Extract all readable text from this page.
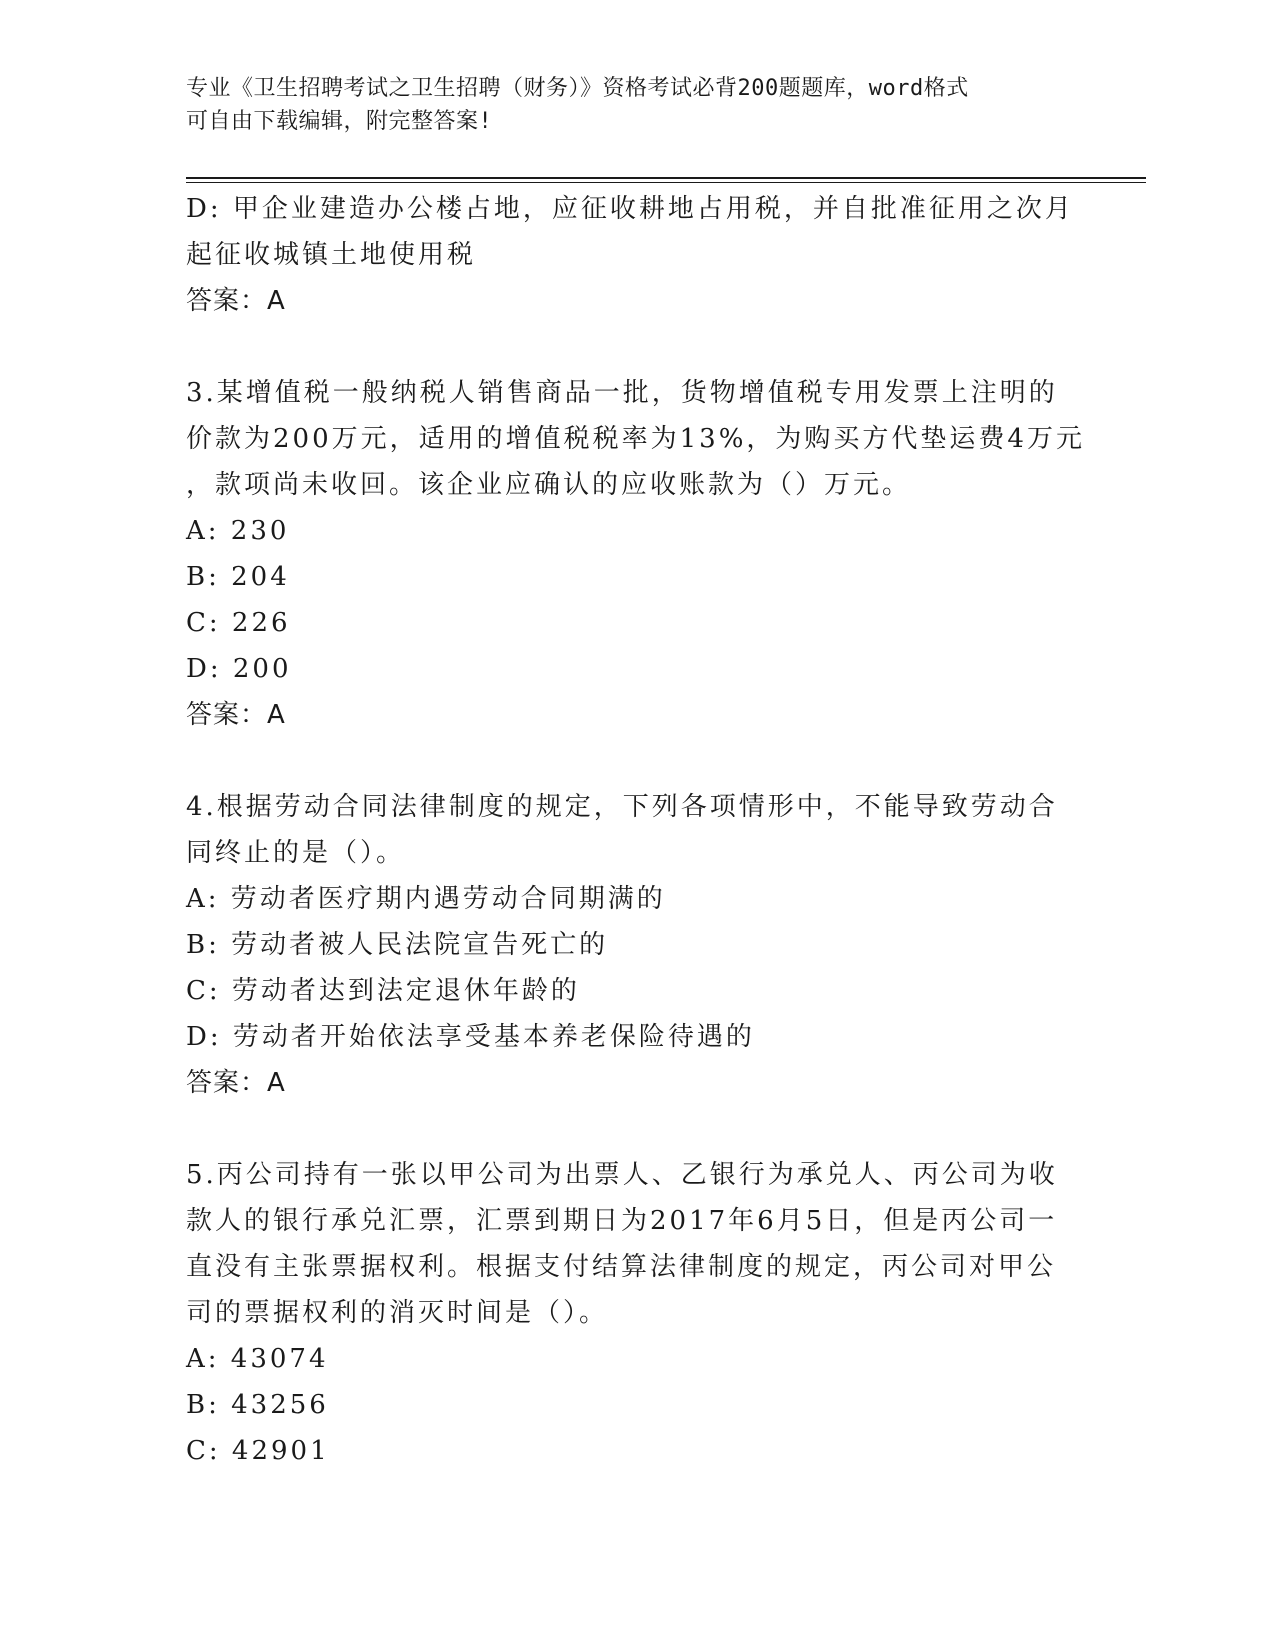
专业《卫生招聘考试之卫生招聘（财务）》资格考试必背200题题库，word格式
可自由下载编辑，附完整答案!
D: 甲企业建造办公楼占地，应征收耕地占用税，并自批准征用之次月
起征收城镇土地使用税
答案：A
3.某增值税一般纳税人销售商品一批，货物增值税专用发票上注明的
价款为200万元，适用的增值税税率为13%，为购买方代垫运费4万元
，款项尚未收回。该企业应确认的应收账款为（）万元。
A: 230
B: 204
C: 226
D: 200
答案：A
4.根据劳动合同法律制度的规定，下列各项情形中，不能导致劳动合
同终止的是（）。
A: 劳动者医疗期内遇劳动合同期满的
B: 劳动者被人民法院宣告死亡的
C: 劳动者达到法定退休年龄的
D: 劳动者开始依法享受基本养老保险待遇的
答案：A
5.丙公司持有一张以甲公司为出票人、乙银行为承兑人、丙公司为收
款人的银行承兑汇票，汇票到期日为2017年6月5日，但是丙公司一
直没有主张票据权利。根据支付结算法律制度的规定，丙公司对甲公
司的票据权利的消灭时间是（）。
A: 43074
B: 43256
C: 42901
